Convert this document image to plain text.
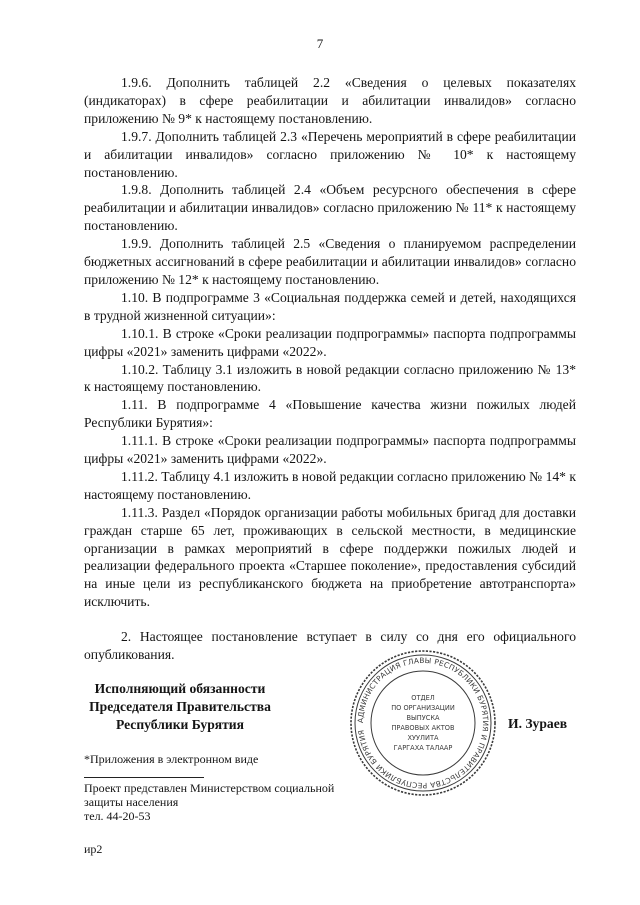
7

1.9.6. Дополнить таблицей 2.2 «Сведения о целевых показателях (индикаторах) в сфере реабилитации и абилитации инвалидов» согласно приложению № 9* к настоящему постановлению.

1.9.7. Дополнить таблицей 2.3 «Перечень мероприятий в сфере реабилитации и абилитации инвалидов» согласно приложению № 10* к настоящему постановлению.

1.9.8. Дополнить таблицей 2.4 «Объем ресурсного обеспечения в сфере реабилитации и абилитации инвалидов» согласно приложению № 11* к настоящему постановлению.

1.9.9. Дополнить таблицей 2.5 «Сведения о планируемом распределении бюджетных ассигнований в сфере реабилитации и абилитации инвалидов» согласно приложению № 12* к настоящему постановлению.

1.10. В подпрограмме 3 «Социальная поддержка семей и детей, находящихся в трудной жизненной ситуации»:

1.10.1. В строке «Сроки реализации подпрограммы» паспорта подпрограммы цифры «2021» заменить цифрами «2022».

1.10.2. Таблицу 3.1 изложить в новой редакции согласно приложению № 13* к настоящему постановлению.

1.11. В подпрограмме 4 «Повышение качества жизни пожилых людей Республики Бурятия»:

1.11.1. В строке «Сроки реализации подпрограммы» паспорта подпрограммы цифры «2021» заменить цифрами «2022».

1.11.2. Таблицу 4.1 изложить в новой редакции согласно приложению № 14* к настоящему постановлению.

1.11.3. Раздел «Порядок организации работы мобильных бригад для доставки граждан старше 65 лет, проживающих в сельской местности, в медицинские организации в рамках мероприятий в сфере поддержки пожилых людей и реализации федерального проекта «Старшее поколение», предоставления субсидий на иные цели из республиканского бюджета на приобретение автотранспорта» исключить.

2. Настоящее постановление вступает в силу со дня его официального опубликования.

Исполняющий обязанности
Председателя Правительства
Республики Бурятия	АДМИНИСТРАЦИЯ ГЛАВЫ РЕСПУБЛИКИ БУРЯТИЯ И ПРАВИТЕЛЬСТВА РЕСПУБЛИКИ БУРЯТИЯ
ОТДЕЛ
ПО ОРГАНИЗАЦИИ
ВЫПУСКА
ПРАВОВЫХ АКТОВ
ХУУЛИТА
ГАРГАХА ТАЛААР
И. Зураев
*Приложения в электронном виде
Проект представлен Министерством социальной
защиты населения
тел. 44-20-53
ир2
